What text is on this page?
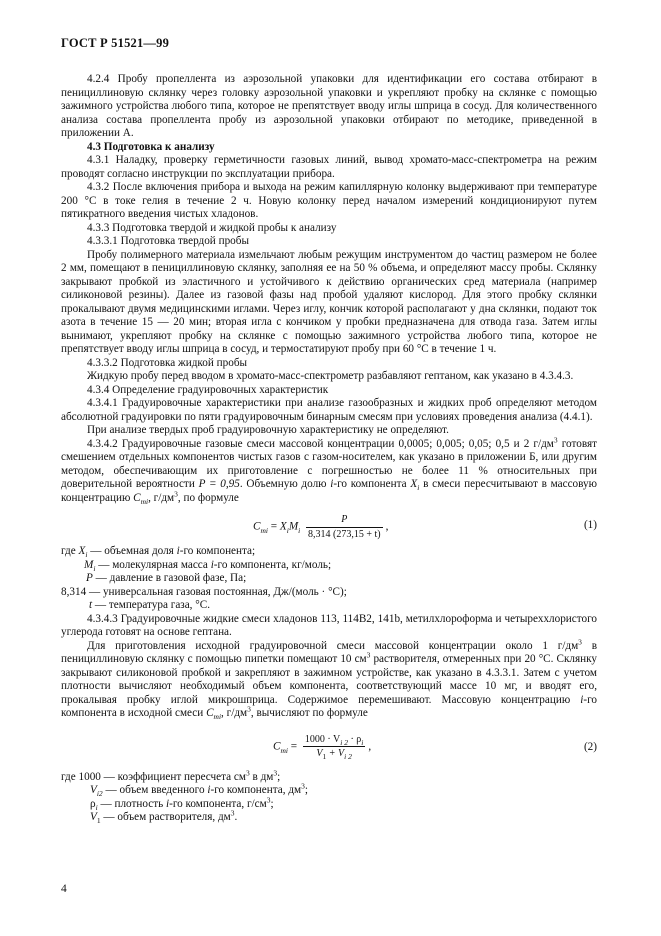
ГОСТ Р 51521—99

4.2.4 Пробу пропеллента из аэрозольной упаковки для идентификации его состава отбирают в пенициллиновую склянку через головку аэрозольной упаковки и укрепляют пробку на склянке с помощью зажимного устройства любого типа, которое не препятствует вводу иглы шприца в сосуд. Для количественного анализа состава пропеллента пробу из аэрозольной упаковки отбирают по методике, приведенной в приложении А.

4.3 Подготовка к анализу

4.3.1 Наладку, проверку герметичности газовых линий, вывод хромато-масс-спектрометра на режим проводят согласно инструкции по эксплуатации прибора.

4.3.2 После включения прибора и выхода на режим капиллярную колонку выдерживают при температуре 200 °С в токе гелия в течение 2 ч. Новую колонку перед началом измерений кондиционируют путем пятикратного введения чистых хладонов.

4.3.3 Подготовка твердой и жидкой пробы к анализу

4.3.3.1 Подготовка твердой пробы

Пробу полимерного материала измельчают любым режущим инструментом до частиц размером не более 2 мм, помещают в пенициллиновую склянку, заполняя ее на 50 % объема, и определяют массу пробы. Склянку закрывают пробкой из эластичного и устойчивого к действию органических сред материала (например силиконовой резины). Далее из газовой фазы над пробой удаляют кислород. Для этого пробку склянки прокалывают двумя медицинскими иглами. Через иглу, кончик которой располагают у дна склянки, подают ток азота в течение 15 — 20 мин; вторая игла с кончиком у пробки предназначена для отвода газа. Затем иглы вынимают, укрепляют пробку на склянке с помощью зажимного устройства любого типа, которое не препятствует вводу иглы шприца в сосуд, и термостатируют пробу при 60 °С в течение 1 ч.

4.3.3.2 Подготовка жидкой пробы

Жидкую пробу перед вводом в хромато-масс-спектрометр разбавляют гептаном, как указано в 4.3.4.3.

4.3.4 Определение градуировочных характеристик

4.3.4.1 Градуировочные характеристики при анализе газообразных и жидких проб определяют методом абсолютной градуировки по пяти градуировочным бинарным смесям при условиях проведения анализа (4.4.1).

При анализе твердых проб градуировочную характеристику не определяют.

4.3.4.2 Градуировочные газовые смеси массовой концентрации 0,0005; 0,005; 0,05; 0,5 и 2 $г/дм^3$ готовят смешением отдельных компонентов чистых газов с газом-носителем, как указано в приложении Б, или другим методом, обеспечивающим их приготовление с погрешностью не более 11 % относительных при доверительной вероятности P = 0,95. Объемную долю i-го компонента $X_i$ в смеси пересчитывают в массовую концентрацию $C_{mi}$, $г/дм^3$, по формуле

$C_{mi} = X_iM_i \frac{P}{8,314 (273,15 + t)}$ ,	(1)
где $X_i$ — объемная доля i-го компонента;
$M_i$ — молекулярная масса i-го компонента, кг/моль;
P — давление в газовой фазе, Па;
8,314 — универсальная газовая постоянная, Дж/(моль · °С);
t — температура газа, °С.

4.3.4.3 Градуировочные жидкие смеси хладонов 113, 114В2, 141b, метилхлороформа и четыреххлористого углерода готовят на основе гептана.

Для приготовления исходной градуировочной смеси массовой концентрации около 1 $г/дм^3$ в пенициллиновую склянку с помощью пипетки помещают 10 $см^3$ растворителя, отмеренных при 20 °С. Склянку закрывают силиконовой пробкой и закрепляют в зажимном устройстве, как указано в 4.3.3.1. Затем с учетом плотности вычисляют необходимый объем компонента, соответствующий массе 10 мг, и вводят его, прокалывая пробку иглой микрошприца. Содержимое перемешивают. Массовую концентрацию i-го компонента в исходной смеси $C_{mi}$, $г/дм^3$, вычисляют по формуле

$C_{mi} = \frac{1000 \cdot V_{i 2} \cdot \rho_i}{V_1 + V_{i 2}}$ ,	(2)
где 1000 — коэффициент пересчета $см^3$ в $дм^3$;
$V_{i2}$ — объем введенного i-го компонента, $дм^3$;
$\rho_i$ — плотность i-го компонента, $г/см^3$;
$V_1$ — объем растворителя, $дм^3$.
4
